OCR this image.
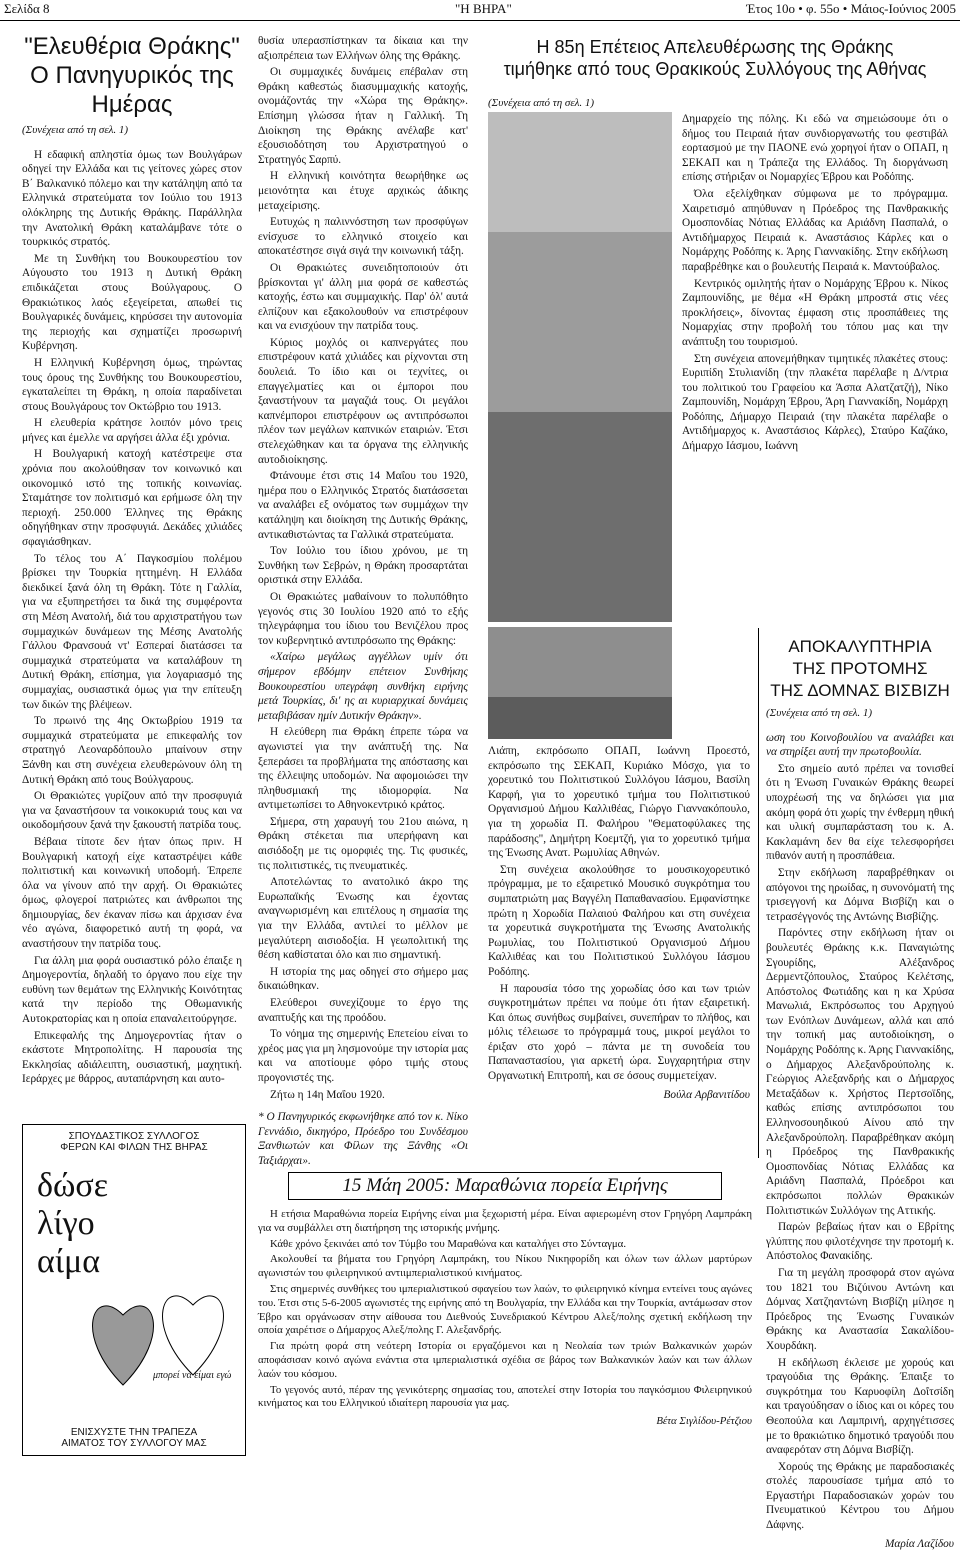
Σελίδα 8	"Η ΒΗΡΑ"	Έτος 10ο • φ. 55ο • Μάιος-Ιούνιος 2005
"Ελευθέρια Θράκης"
Ο Πανηγυρικός της Ημέρας
(Συνέχεια από τη σελ. 1)

Η εδαφική απληστία όμως των Βουλγάρων οδηγεί την Ελλάδα και τις γείτονες χώρες στον Β΄ Βαλκανικό πόλεμο και την κατάληψη από τα Ελληνικά στρατεύματα τον Ιούλιο του 1913 ολόκληρης της Δυτικής Θράκης. Παράλληλα την Ανατολική Θράκη καταλάμβανε τότε ο τουρκικός στρατός.

Με τη Συνθήκη του Βουκουρεστίου τον Αύγουστο του 1913 η Δυτική Θράκη επιδικάζεται στους Βούλγαρους. Ο Θρακιώτικος λαός εξεγείρεται, απωθεί τις Βουλγαρικές δυνάμεις, κηρύσσει την αυτονομία της περιοχής και σχηματίζει προσωρινή Κυβέρνηση.

Η Ελληνική Κυβέρνηση όμως, τηρώντας τους όρους της Συνθήκης του Βουκουρεστίου, εγκαταλείπει τη Θράκη, η οποία παραδίνεται στους Βουλγάρους τον Οκτώβριο του 1913.

Η ελευθερία κράτησε λοιπόν μόνο τρεις μήνες και έμελλε να αργήσει άλλα έξι χρόνια.

Η Βουλγαρική κατοχή κατέστρεψε στα χρόνια που ακολούθησαν τον κοινωνικό και οικονομικό ιστό της τοπικής κοινωνίας. Σταμάτησε τον πολιτισμό και ερήμωσε όλη την περιοχή. 250.000 Έλληνες της Θράκης οδηγήθηκαν στην προσφυγιά. Δεκάδες χιλιάδες σφαγιάσθηκαν.

Το τέλος του Α΄ Παγκοσμίου πολέμου βρίσκει την Τουρκία ηττημένη. Η Ελλάδα διεκδικεί ξανά όλη τη Θράκη. Τότε η Γαλλία, για να εξυπηρετήσει τα δικά της συμφέροντα στη Μέση Ανατολή, διά του αρχιστρατήγου των συμμαχικών δυνάμεων της Μέσης Ανατολής Γάλλου Φρανσουά ντ' Εσπεραί διατάσσει τα συμμαχικά στρατεύματα να καταλάβουν τη Δυτική Θράκη, επίσημα, για λογαριασμό της συμμαχίας, ουσιαστικά όμως για την επίτευξη των δικών της βλέψεων.

Το πρωινό της 4ης Οκτωβρίου 1919 τα συμμαχικά στρατεύματα με επικεφαλής τον στρατηγό Λεοναρδόπουλο μπαίνουν στην Ξάνθη και στη συνέχεια ελευθερώνουν όλη τη Δυτική Θράκη από τους Βούλγαρους.

Οι Θρακιώτες γυρίζουν από την προσφυγιά για να ξαναστήσουν τα νοικοκυριά τους και να οικοδομήσουν ξανά την ξακουστή πατρίδα τους.

Βέβαια τίποτε δεν ήταν όπως πριν. Η Βουλγαρική κατοχή είχε καταστρέψει κάθε πολιτιστική και κοινωνική υποδομή. Έπρεπε όλα να γίνουν από την αρχή. Οι Θρακιώτες όμως, φλογεροί πατριώτες και άνθρωποι της δημιουργίας, δεν έκαναν πίσω και άρχισαν ένα νέο αγώνα, διαφορετικό αυτή τη φορά, να αναστήσουν την πατρίδα τους.

Για άλλη μια φορά ουσιαστικό ρόλο έπαιξε η Δημογεροντία, δηλαδή το όργανο που είχε την ευθύνη των θεμάτων της Ελληνικής Κοινότητας κατά την περίοδο της Οθωμανικής Αυτοκρατορίας και η οποία επαναλειτούργησε.

Επικεφαλής της Δημογεροντίας ήταν ο εκάστοτε Μητροπολίτης. Η παρουσία της Εκκλησίας αδιάλειπτη, ουσιαστική, μαχητική. Ιεράρχες με θάρρος, αυταπάρνηση και αυτο-

ΣΠΟΥΔΑΣΤΙΚΟΣ ΣΥΛΛΟΓΟΣ
ΦΕΡΩΝ ΚΑΙ ΦΙΛΩΝ ΤΗΣ ΒΗΡΑΣ
δώσε
λίγο
αίμα
μπορεί να είμαι εγώ
ΕΝΙΣΧΥΣΤΕ ΤΗΝ ΤΡΑΠΕΖΑ
ΑΙΜΑΤΟΣ ΤΟΥ ΣΥΛΛΟΓΟΥ ΜΑΣ

θυσία υπερασπίστηκαν τα δίκαια και την αξιοπρέπεια των Ελλήνων όλης της Θράκης.

Οι συμμαχικές δυνάμεις επέβαλαν στη Θράκη καθεστώς διασυμμαχικής κατοχής, ονομάζοντάς την «Χώρα της Θράκης». Επίσημη γλώσσα ήταν η Γαλλική. Τη Διοίκηση της Θράκης ανέλαβε κατ' εξουσιοδότηση του Αρχιστρατηγού ο Στρατηγός Σαρπύ.

Η ελληνική κοινότητα θεωρήθηκε ως μειονότητα και έτυχε αρχικώς άδικης μεταχείρισης.

Ευτυχώς η παλιννόστηση των προσφύγων ενίσχυσε το ελληνικό στοιχείο και αποκατέστησε σιγά σιγά την κοινωνική τάξη.

Οι Θρακιώτες συνειδητοποιούν ότι βρίσκονται γι' άλλη μια φορά σε καθεστώς κατοχής, έστω και συμμαχικής. Παρ' όλ' αυτά ελπίζουν και εξακολουθούν να επιστρέφουν και να ενισχύουν την πατρίδα τους.

Κύριος μοχλός οι καπνεργάτες που επιστρέφουν κατά χιλιάδες και ρίχνονται στη δουλειά. Το ίδιο και οι τεχνίτες, οι επαγγελματίες και οι έμποροι που ξαναστήνουν τα μαγαζιά τους. Οι μεγάλοι καπνέμποροι επιστρέφουν ως αντιπρόσωποι πλέον των μεγάλων καπνικών εταιριών. Έτσι στελεχώθηκαν και τα όργανα της ελληνικής αυτοδιοίκησης.

Φτάνουμε έτσι στις 14 Μαΐου του 1920, ημέρα που ο Ελληνικός Στρατός διατάσσεται να αναλάβει εξ ονόματος των συμμάχων την κατάληψη και διοίκηση της Δυτικής Θράκης, αντικαθιστώντας τα Γαλλικά στρατεύματα.

Τον Ιούλιο του ίδιου χρόνου, με τη Συνθήκη των Σεβρών, η Θράκη προσαρτάται οριστικά στην Ελλάδα.

Οι Θρακιώτες μαθαίνουν το πολυπόθητο γεγονός στις 30 Ιουλίου 1920 από το εξής τηλεγράφημα του ίδιου του Βενιζέλου προς τον κυβερνητικό αντιπρόσωπο της Θράκης:

«Χαίρω μεγάλως αγγέλλων υμίν ότι σήμερον εβδόμην επέτειον Συνθήκης Βουκουρεστίου υπεγράφη συνθήκη ειρήνης μετά Τουρκίας, δι' ης αι κυριαρχικαί δυνάμεις μεταβιβάσαν ημίν Δυτικήν Θράκην».

Η ελεύθερη πια Θράκη έπρεπε τώρα να αγωνιστεί για την ανάπτυξή της. Να ξεπεράσει τα προβλήματα της απόστασης και της έλλειψης υποδομών. Να αφομοιώσει την πληθυσμιακή της ιδιομορφία. Να αντιμετωπίσει το Αθηνοκεντρικό κράτος.

Σήμερα, στη χαραυγή του 21ου αιώνα, η Θράκη στέκεται πια υπερήφανη και αισιόδοξη με τις ομορφιές της. Τις φυσικές, τις πολιτιστικές, τις πνευματικές.

Αποτελώντας το ανατολικό άκρο της Ευρωπαϊκής Ένωσης και έχοντας αναγνωρισμένη και επιτέλους η σημασία της για την Ελλάδα, αντιλεί το μέλλον με μεγαλύτερη αισιοδοξία. Η γεωπολιτική της θέση καθίσταται όλο και πιο σημαντική.

Η ιστορία της μας οδηγεί στο σήμερο μας δικαιώθηκαν.

Ελεύθεροι συνεχίζουμε το έργο της αναπτυξής και της προόδου.

Το νόημα της σημερινής Επετείου είναι το χρέος μας για μη λησμονούμε την ιστορία μας και να αποτίουμε φόρο τιμής στους προγονιστές της.

Ζήτω η 14η Μαΐου 1920.

* Ο Πανηγυρικός εκφωνήθηκε από τον κ. Νίκο Γεννάδιο, δικηγόρο, Πρόεδρο του Συνδέσμου Ξανθιωτών και Φίλων της Ξάνθης «Οι Ταξιάρχαι».

Η 85η Επέτειος Απελευθέρωσης της Θράκης
τιμήθηκε από τους Θρακικούς Συλλόγους της Αθήνας
(Συνέχεια από τη σελ. 1)

Δημαρχείο της πόλης. Κι εδώ να σημειώσουμε ότι ο δήμος του Πειραιά ήταν συνδιοργανωτής του φεστιβάλ εορτασμού με την ΠΑΟΝΕ ενώ χορηγοί ήταν ο ΟΠΑΠ, η ΣΕΚΑΠ και η Τράπεζα της Ελλάδος. Τη διοργάνωση επίσης στήριξαν οι Νομαρχίες Έβρου και Ροδόπης.

Όλα εξελίχθηκαν σύμφωνα με το πρόγραμμα. Χαιρετισμό απηύθυναν η Πρόεδρος της Πανθρακικής Ομοσπονδίας Νότιας Ελλάδας κα Αριάδνη Πασπαλά, ο Αντιδήμαρχος Πειραιά κ. Αναστάσιος Κάρλες και ο Νομάρχης Ροδόπης κ. Άρης Γιαννακίδης. Στην εκδήλωση παραβρέθηκε και ο βουλευτής Πειραιά κ. Μαντούβαλος.

Κεντρικός ομιλητής ήταν ο Νομάρχης Έβρου κ. Νίκος Ζαμπουνίδης, με θέμα «Η Θράκη μπροστά στις νέες προκλήσεις», δίνοντας έμφαση στις προσπάθειες της Νομαρχίας στην προβολή του τόπου μας και την ανάπτυξη του τουρισμού.

Στη συνέχεια απονεμήθηκαν τιμητικές πλακέτες στους: Ευριπίδη Στυλιανίδη (την πλακέτα παρέλαβε η Δ/ντρια του πολιτικού του Γραφείου κα Άσπα Αλατζατζή), Νίκο Ζαμπουνίδη, Νομάρχη Έβρου, Άρη Γιαννακίδη, Νομάρχη Ροδόπης, Δήμαρχο Πειραιά (την πλακέτα παρέλαβε ο Αντιδήμαρχος κ. Αναστάσιος Κάρλες), Σταύρο Καζάκο, Δήμαρχο Ιάσμου, Ιωάννη

Λιάπη, εκπρόσωπο ΟΠΑΠ, Ιωάννη Προεστό, εκπρόσωπο της ΣΕΚΑΠ, Κυριάκο Μόσχο, για το χορευτικό του Πολιτιστικού Συλλόγου Ιάσμου, Βασίλη Καρφή, για το χορευτικό τμήμα του Πολιτιστικού Οργανισμού Δήμου Καλλιθέας, Γιώργο Γιαννακόπουλο, για τη χορωδία Π. Φαλήρου "Θεματοφύλακες της παράδοσης", Δημήτρη Κοεμτζή, για το χορευτικό τμήμα της Ένωσης Ανατ. Ρωμυλίας Αθηνών.

Στη συνέχεια ακολούθησε το μουσικοχορευτικό πρόγραμμα, με το εξαιρετικό Μουσικό συγκρότημα του συμπατριώτη μας Βαγγέλη Παπαθανασίου. Εμφανίστηκε πρώτη η Χορωδία Παλαιού Φαλήρου και στη συνέχεια τα χορευτικά συγκροτήματα της Ένωσης Ανατολικής Ρωμυλίας, του Πολιτιστικού Οργανισμού Δήμου Καλλιθέας και του Πολιτιστικού Συλλόγου Ιάσμου Ροδόπης.

Η παρουσία τόσο της χορωδίας όσο και των τριών συγκροτημάτων πρέπει να πούμε ότι ήταν εξαιρετική. Και όπως συνήθως συμβαίνει, συνεπήραν το πλήθος, και μόλις τέλειωσε το πρόγραμμά τους, μικροί μεγάλοι το έριξαν στο χορό – πάντα με τη συνοδεία του Παπαναστασίου, για αρκετή ώρα. Συγχαρητήρια στην Οργανωτική Επιτροπή, και σε όσους συμμετείχαν.

Βούλα Αρβανιτίδου
ΑΠΟΚΑΛΥΠΤΗΡΙΑ
ΤΗΣ ΠΡΟΤΟΜΗΣ
ΤΗΣ ΔΟΜΝΑΣ ΒΙΣΒΙΖΗ
(Συνέχεια από τη σελ. 1)

ωση του Κοινοβουλίου να αναλάβει και να στηρίξει αυτή την πρωτοβουλία.

Στο σημείο αυτό πρέπει να τονισθεί ότι η Ένωση Γυναικών Θράκης θεωρεί υποχρέωσή της να δηλώσει για μια ακόμη φορά ότι χωρίς την ένθερμη ηθική και υλική συμπαράσταση του κ. Α. Κακλαμάνη δεν θα είχε τελεσφορήσει πιθανόν αυτή η προσπάθεια.

Στην εκδήλωση παραβρέθηκαν οι απόγονοι της ηρωίδας, η συνονόματή της τρισεγγονή κα Δόμνα Βισβίζη και ο τετρασέγγονός της Αντώνης Βισβίζης.

Παρόντες στην εκδήλωση ήταν οι βουλευτές Θράκης κ.κ. Παναγιώτης Σγουρίδης, Αλέξανδρος Δερμεντζόπουλος, Σταύρος Κελέτσης, Απόστολος Φωτιάδης και η κα Χρύσα Μανωλιά, Εκπρόσωπος του Αρχηγού των Ενόπλων Δυνάμεων, αλλά και από την τοπική μας αυτοδιοίκηση, ο Νομάρχης Ροδόπης κ. Άρης Γιαννακίδης, ο Δήμαρχος Αλεξανδρούπολης κ. Γεώργιος Αλεξανδρής και ο Δήμαρχος Μεταξάδων κ. Χρήστος Περτσοϊδης, καθώς επίσης αντιπρόσωποι του Ελληνοσουηδικού Αίνου από την Αλεξανδρούπολη. Παραβρέθηκαν ακόμη η Πρόεδρος της Πανθρακικής Ομοσπονδίας Νότιας Ελλάδας κα Αριάδνη Πασπαλά, Πρόεδροι και εκπρόσωποι πολλών Θρακικών Πολιτιστικών Συλλόγων της Αττικής.

Παρών βεβαίως ήταν και ο Εβρίτης γλύπτης που φιλοτέχνησε την προτομή κ. Απόστολος Φανακίδης.

Για τη μεγάλη προσφορά στον αγώνα του 1821 του Βιζύινου Αντώνη και Δόμνας Χατζηαντώνη Βισβίζη μίλησε η Πρόεδρος της Ένωσης Γυναικών Θράκης κα Αναστασία Σακαλίδου-Χουρδάκη.

Η εκδήλωση έκλεισε με χορούς και τραγούδια της Θράκης. Έπαιξε το συγκρότημα του Καρυοφίλη Δοΐτσίδη και τραγούδησαν ο ίδιος και οι κόρες του Θεοπούλα και Λαμπρινή, αρχηγέτισσες με το θρακιώτικο δημοτικό τραγούδι που αναφερόταν στη Δόμνα Βισβίζη.

Χορούς της Θράκης με παραδοσιακές στολές παρουσίασε τμήμα από το Εργαστήρι Παραδοσιακών χορών του Πνευματικού Κέντρου του Δήμου Δάφνης.

Μαρία Λαζίδου
15 Μάη 2005: Μαραθώνια πορεία Ειρήνης

Η ετήσια Μαραθώνια πορεία Ειρήνης είναι μια ξεχωριστή μέρα. Είναι αφιερωμένη στον Γρηγόρη Λαμπράκη για να συμβάλλει στη διατήρηση της ιστορικής μνήμης.

Κάθε χρόνο ξεκινάει από τον Τύμβο του Μαραθώνα και καταλήγει στο Σύνταγμα.

Ακολουθεί τα βήματα του Γρηγόρη Λαμπράκη, του Νίκου Νικηφορίδη και όλων των άλλων μαρτύρων αγωνιστών του φιλειρηνικού αντιιμπεριαλιστικού κινήματος.

Στις σημερινές συνθήκες του ιμπεριαλιστικού σφαγείου των λαών, το φιλειρηνικό κίνημα εντείνει τους αγώνες του. Έτσι στις 5-6-2005 αγωνιστές της ειρήνης από τη Βουλγαρία, την Ελλάδα και την Τουρκία, αντάμωσαν στον Έβρο και οργάνωσαν στην αίθουσα του Διεθνούς Συνεδριακού Κέντρου Αλεξ/πολης σχετική εκδήλωση την οποία χαιρέτισε ο Δήμαρχος Αλεξ/πολης Γ. Αλεξανδρής.

Για πρώτη φορά στη νεότερη Ιστορία οι εργαζόμενοι και η Νεολαία των τριών Βαλκανικών χωρών αποφάσισαν κοινό αγώνα ενάντια στα ιμπεριαλιστικά σχέδια σε βάρος των Βαλκανικών λαών και των άλλων λαών του κόσμου.

Το γεγονός αυτό, πέραν της γενικότερης σημασίας του, αποτελεί στην Ιστορία του παγκόσμιου Φιλειρηνικού κινήματος και του Ελληνικού ιδιαίτερη παρουσία για μας.

Βέτα Σιγλίδου-Ρέτζιου
